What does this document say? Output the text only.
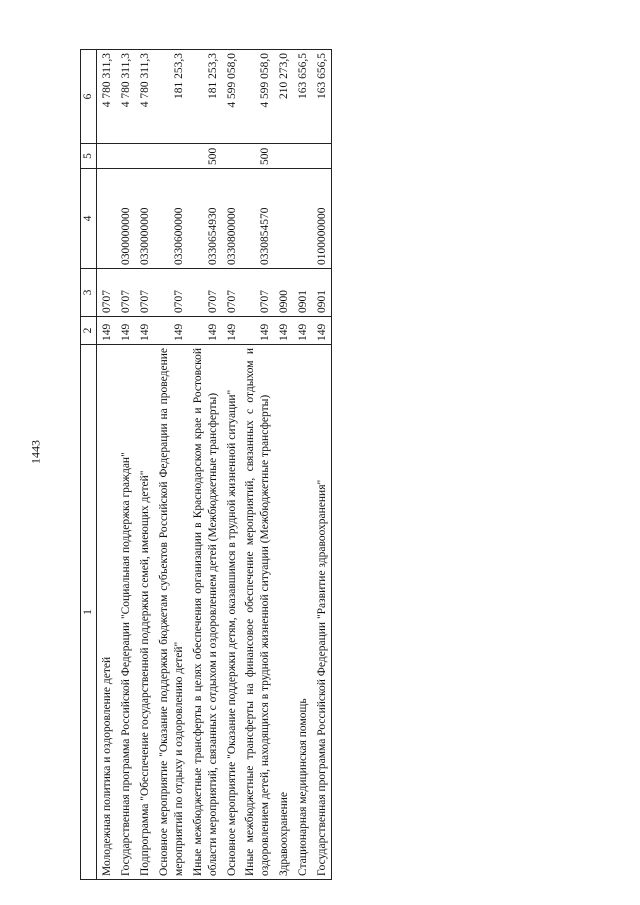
1443
1	2	3	4	5	6
Молодежная политика и оздоровление детей	149	0707			4 780 311,3
Государственная программа Российской Федерации "Социальная поддержка граждан"	149	0707	0300000000		4 780 311,3
Подпрограмма "Обеспечение государственной поддержки семей, имеющих детей"	149	0707	0330000000		4 780 311,3
Основное мероприятие "Оказание поддержки бюджетам субъектов Российской Федерации на проведение мероприятий по отдыху и оздоровлению детей"	149	0707	0330600000		181 253,3
Иные межбюджетные трансферты в целях обеспечения организации в Краснодарском крае и Ростовской области мероприятий, связанных с отдыхом и оздоровлением детей (Межбюджетные трансферты)	149	0707	0330654930	500	181 253,3
Основное мероприятие "Оказание поддержки детям, оказавшимся в трудной жизненной ситуации"	149	0707	0330800000		4 599 058,0
Иные межбюджетные трансферты на финансовое обеспечение мероприятий, связанных с отдыхом и оздоровлением детей, находящихся в трудной жизненной ситуации (Межбюджетные трансферты)	149	0707	0330854570	500	4 599 058,0
Здравоохранение	149	0900			210 273,0
Стационарная медицинская помощь	149	0901			163 656,5
Государственная программа Российской Федерации "Развитие здравоохранения"	149	0901	0100000000		163 656,5
